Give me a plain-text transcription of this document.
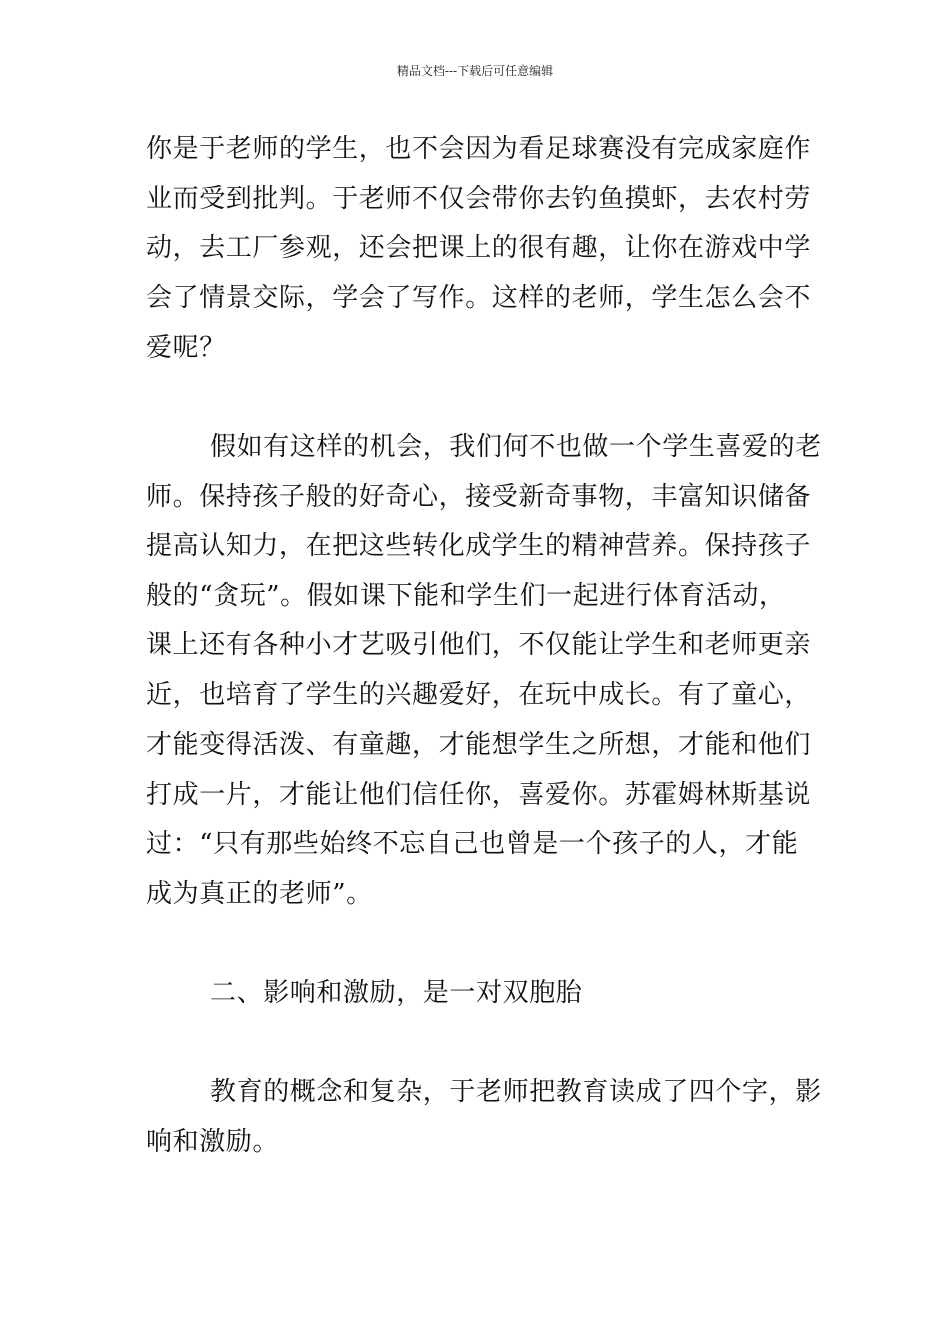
精品文档---下载后可任意编辑
你是于老师的学生，也不会因为看足球赛没有完成家庭作
业而受到批判。于老师不仅会带你去钓鱼摸虾，去农村劳
动，去工厂参观，还会把课上的很有趣，让你在游戏中学
会了情景交际，学会了写作。这样的老师，学生怎么会不
爱呢？
假如有这样的机会，我们何不也做一个学生喜爱的老
师。保持孩子般的好奇心，接受新奇事物，丰富知识储备
提高认知力，在把这些转化成学生的精神营养。保持孩子
般的“贪玩”。假如课下能和学生们一起进行体育活动，
课上还有各种小才艺吸引他们，不仅能让学生和老师更亲
近，也培育了学生的兴趣爱好，在玩中成长。有了童心，
才能变得活泼、有童趣，才能想学生之所想，才能和他们
打成一片，才能让他们信任你，喜爱你。苏霍姆林斯基说
过：“只有那些始终不忘自己也曾是一个孩子的人，才能
成为真正的老师”。
二、影响和激励，是一对双胞胎
教育的概念和复杂，于老师把教育读成了四个字，影
响和激励。
